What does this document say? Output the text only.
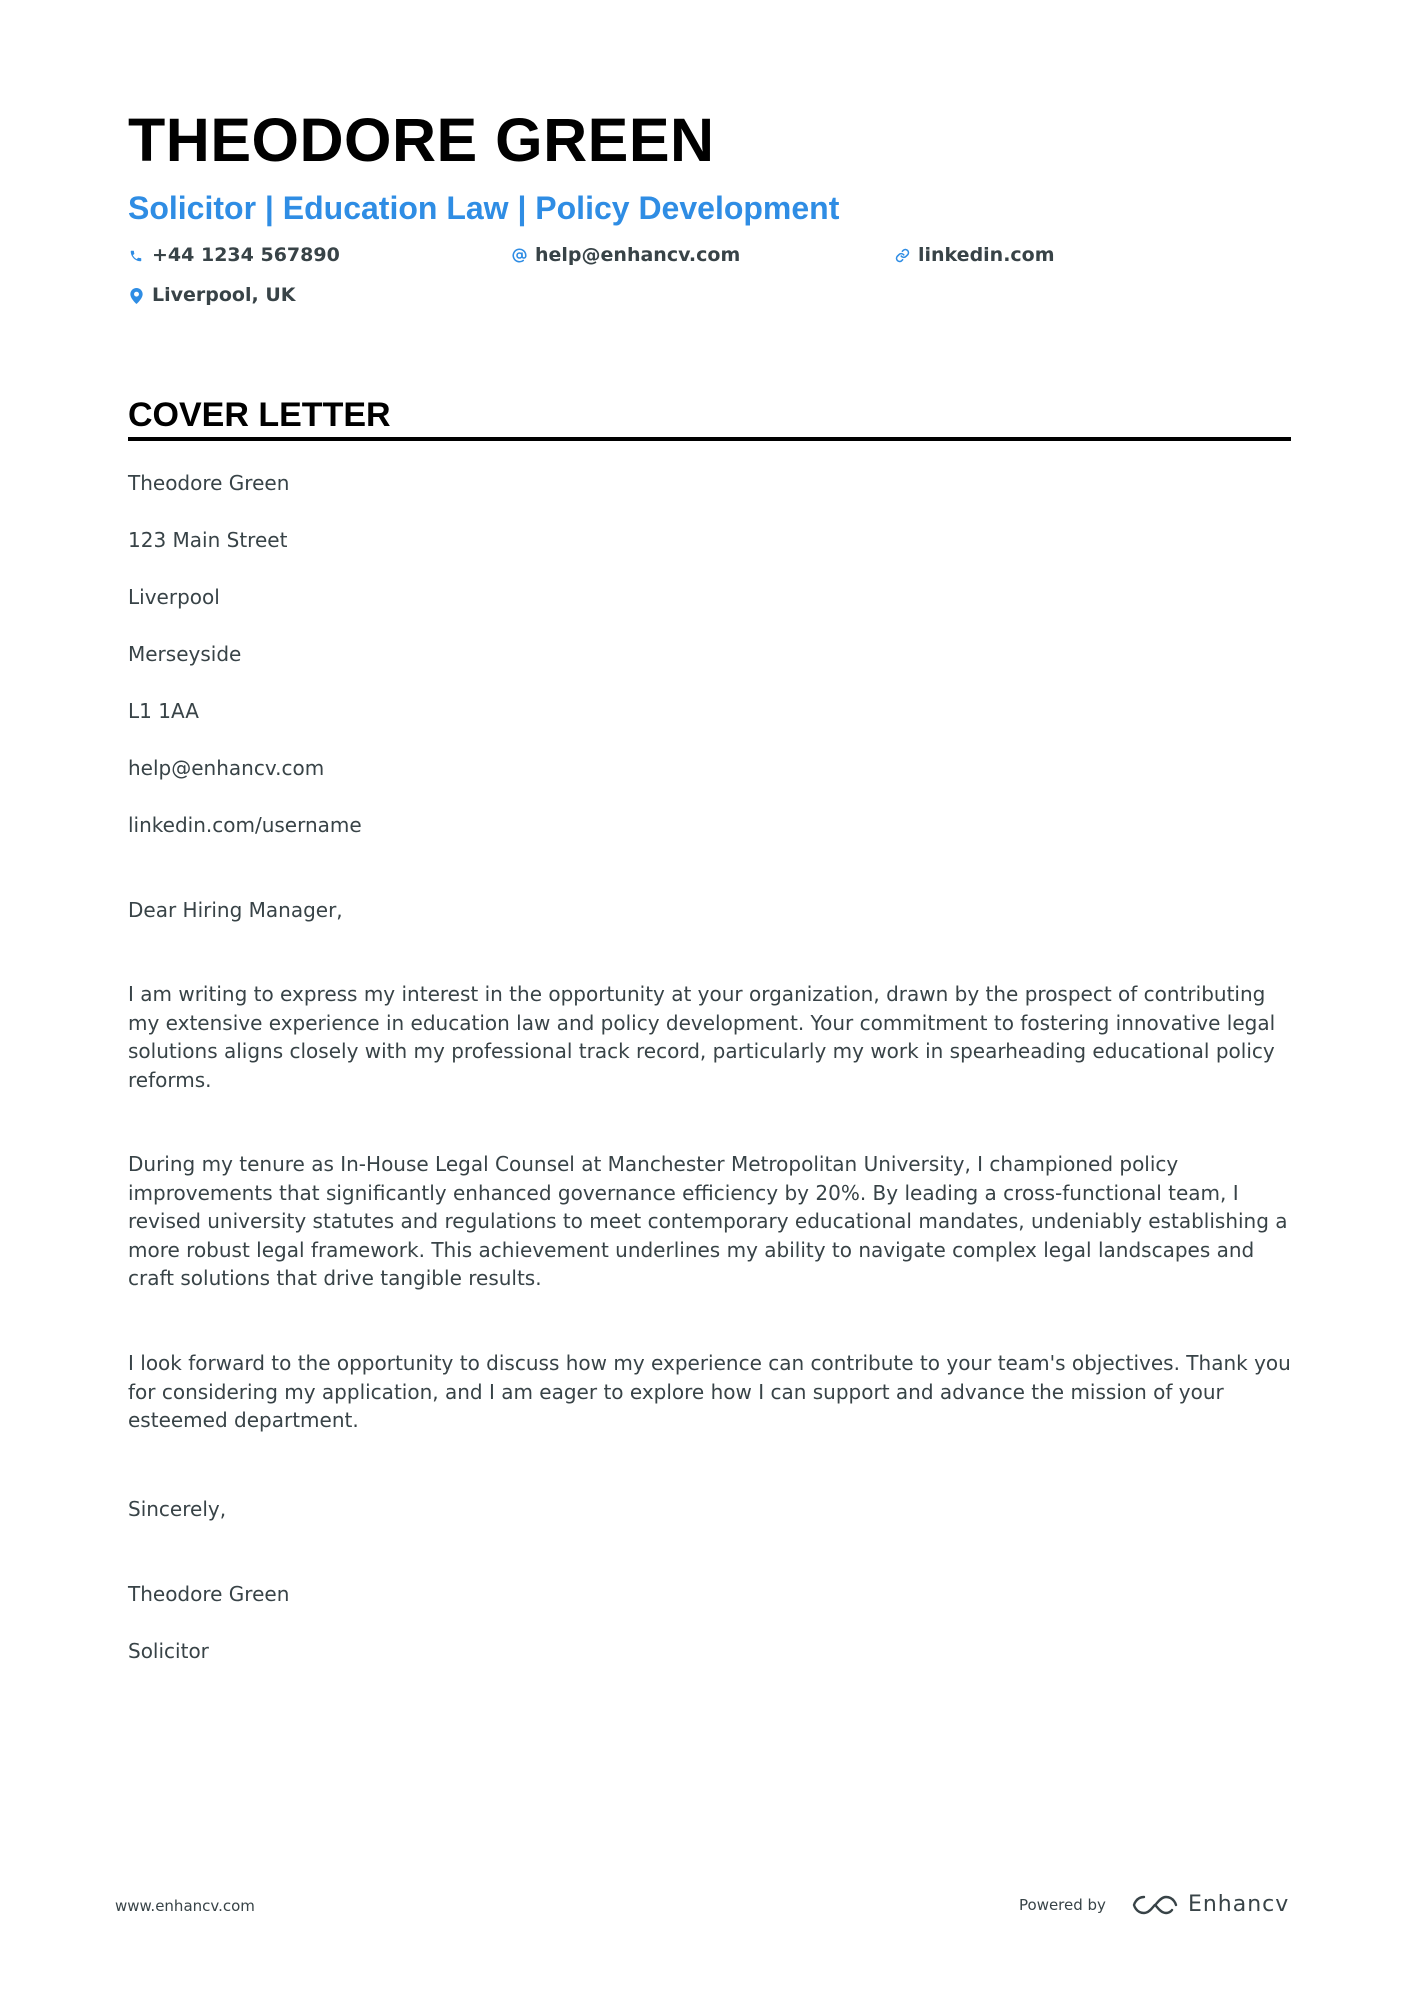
THEODORE GREEN
Solicitor | Education Law | Policy Development
+44 1234 567890	help@enhancv.com	linkedin.com
Liverpool, UK
COVER LETTER
Theodore Green
123 Main Street
Liverpool
Merseyside
L1 1AA
help@enhancv.com
linkedin.com/username
Dear Hiring Manager,

I am writing to express my interest in the opportunity at your organization, drawn by the prospect of contributing my extensive experience in education law and policy development. Your commitment to fostering innovative legal solutions aligns closely with my professional track record, particularly my work in spearheading educational policy reforms.

During my tenure as In-House Legal Counsel at Manchester Metropolitan University, I championed policy improvements that significantly enhanced governance efficiency by 20%. By leading a cross-functional team, I revised university statutes and regulations to meet contemporary educational mandates, undeniably establishing a more robust legal framework. This achievement underlines my ability to navigate complex legal landscapes and craft solutions that drive tangible results.

I look forward to the opportunity to discuss how my experience can contribute to your team's objectives. Thank you for considering my application, and I am eager to explore how I can support and advance the mission of your esteemed department.

Sincerely,
Theodore Green
Solicitor
www.enhancv.com	Powered by	Enhancv
